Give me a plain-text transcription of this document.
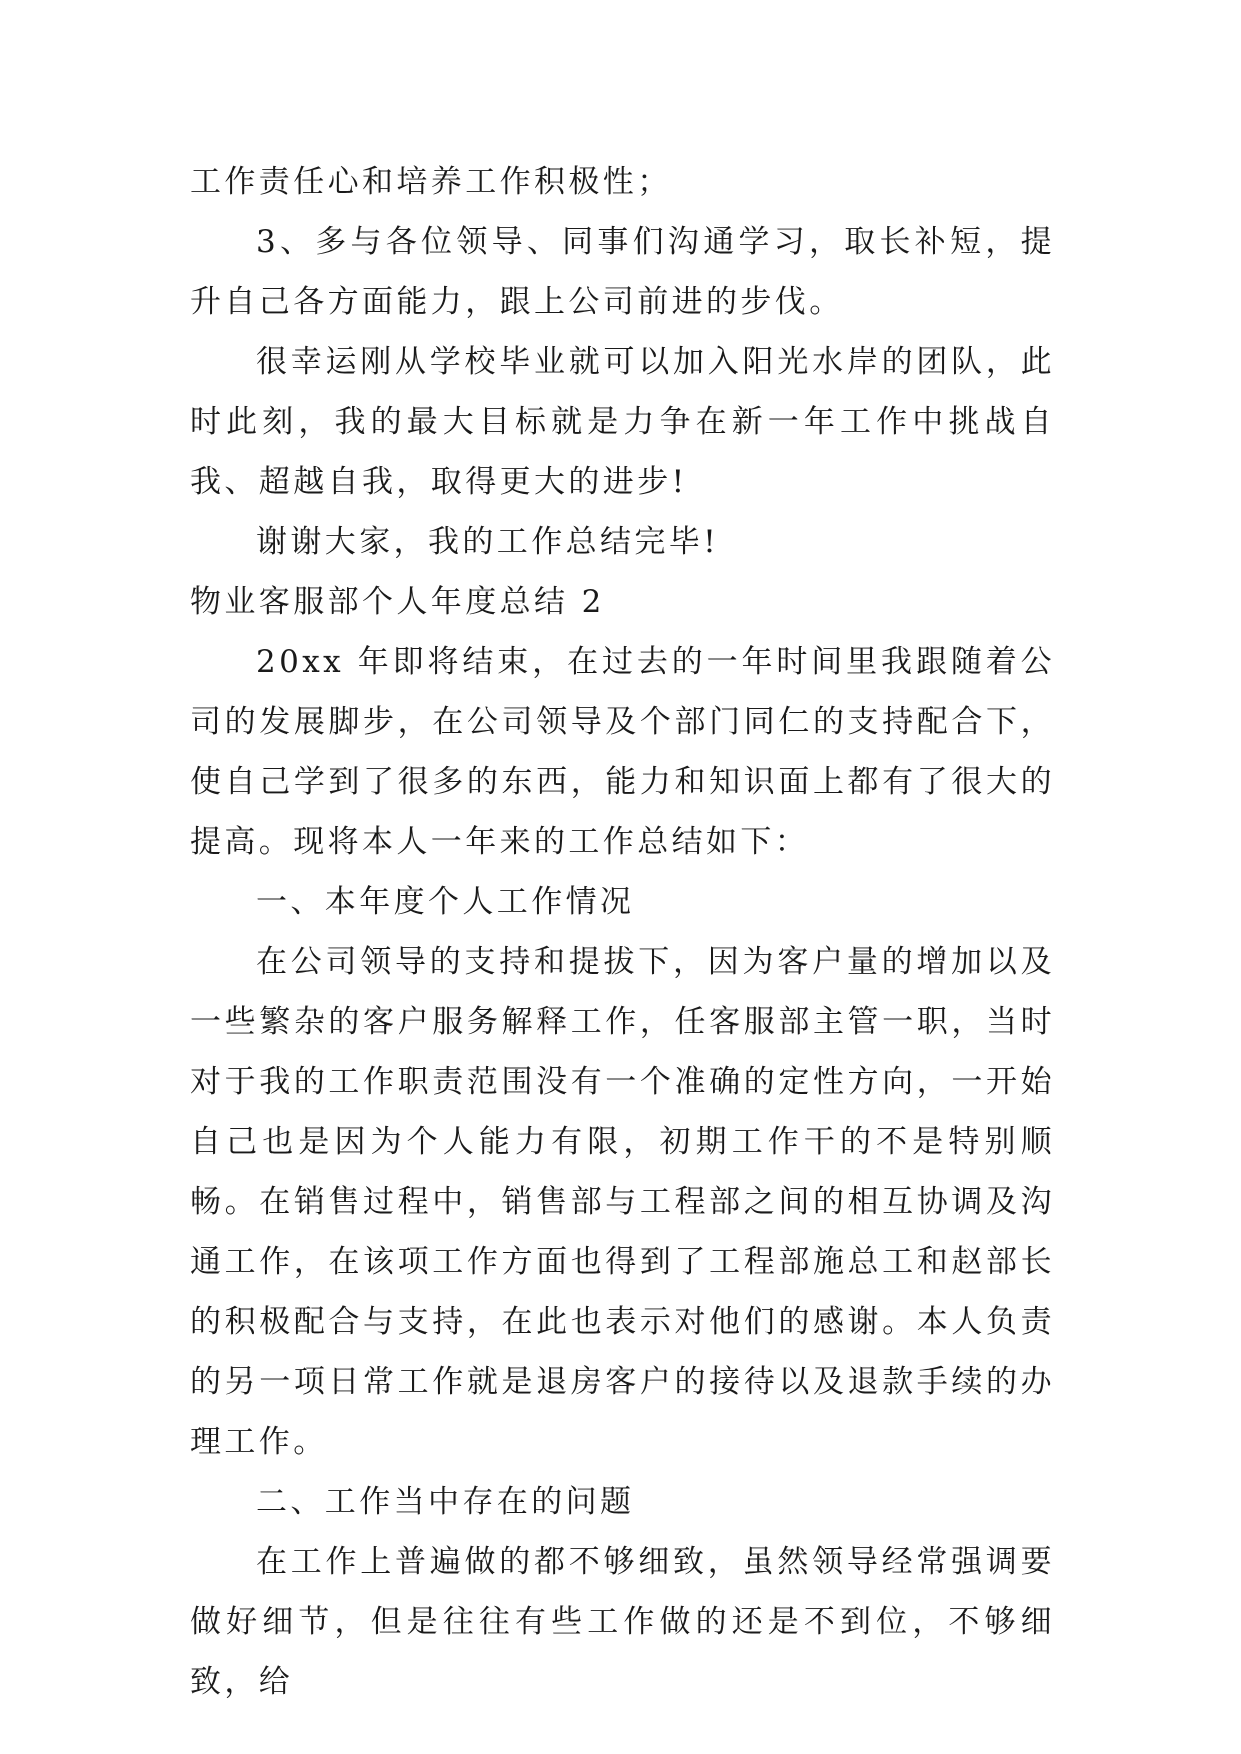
工作责任心和培养工作积极性；

3、多与各位领导、同事们沟通学习，取长补短，提升自己各方面能力，跟上公司前进的步伐。

很幸运刚从学校毕业就可以加入阳光水岸的团队，此时此刻，我的最大目标就是力争在新一年工作中挑战自我、超越自我，取得更大的进步!

谢谢大家，我的工作总结完毕!

物业客服部个人年度总结 2

20xx 年即将结束，在过去的一年时间里我跟随着公司的发展脚步，在公司领导及个部门同仁的支持配合下，使自己学到了很多的东西，能力和知识面上都有了很大的提高。现将本人一年来的工作总结如下：

一、本年度个人工作情况

在公司领导的支持和提拔下，因为客户量的增加以及一些繁杂的客户服务解释工作，任客服部主管一职，当时对于我的工作职责范围没有一个准确的定性方向，一开始自己也是因为个人能力有限，初期工作干的不是特别顺畅。在销售过程中，销售部与工程部之间的相互协调及沟通工作，在该项工作方面也得到了工程部施总工和赵部长的积极配合与支持，在此也表示对他们的感谢。本人负责的另一项日常工作就是退房客户的接待以及退款手续的办理工作。

二、工作当中存在的问题

在工作上普遍做的都不够细致，虽然领导经常强调要做好细节，但是往往有些工作做的还是不到位，不够细致，给
